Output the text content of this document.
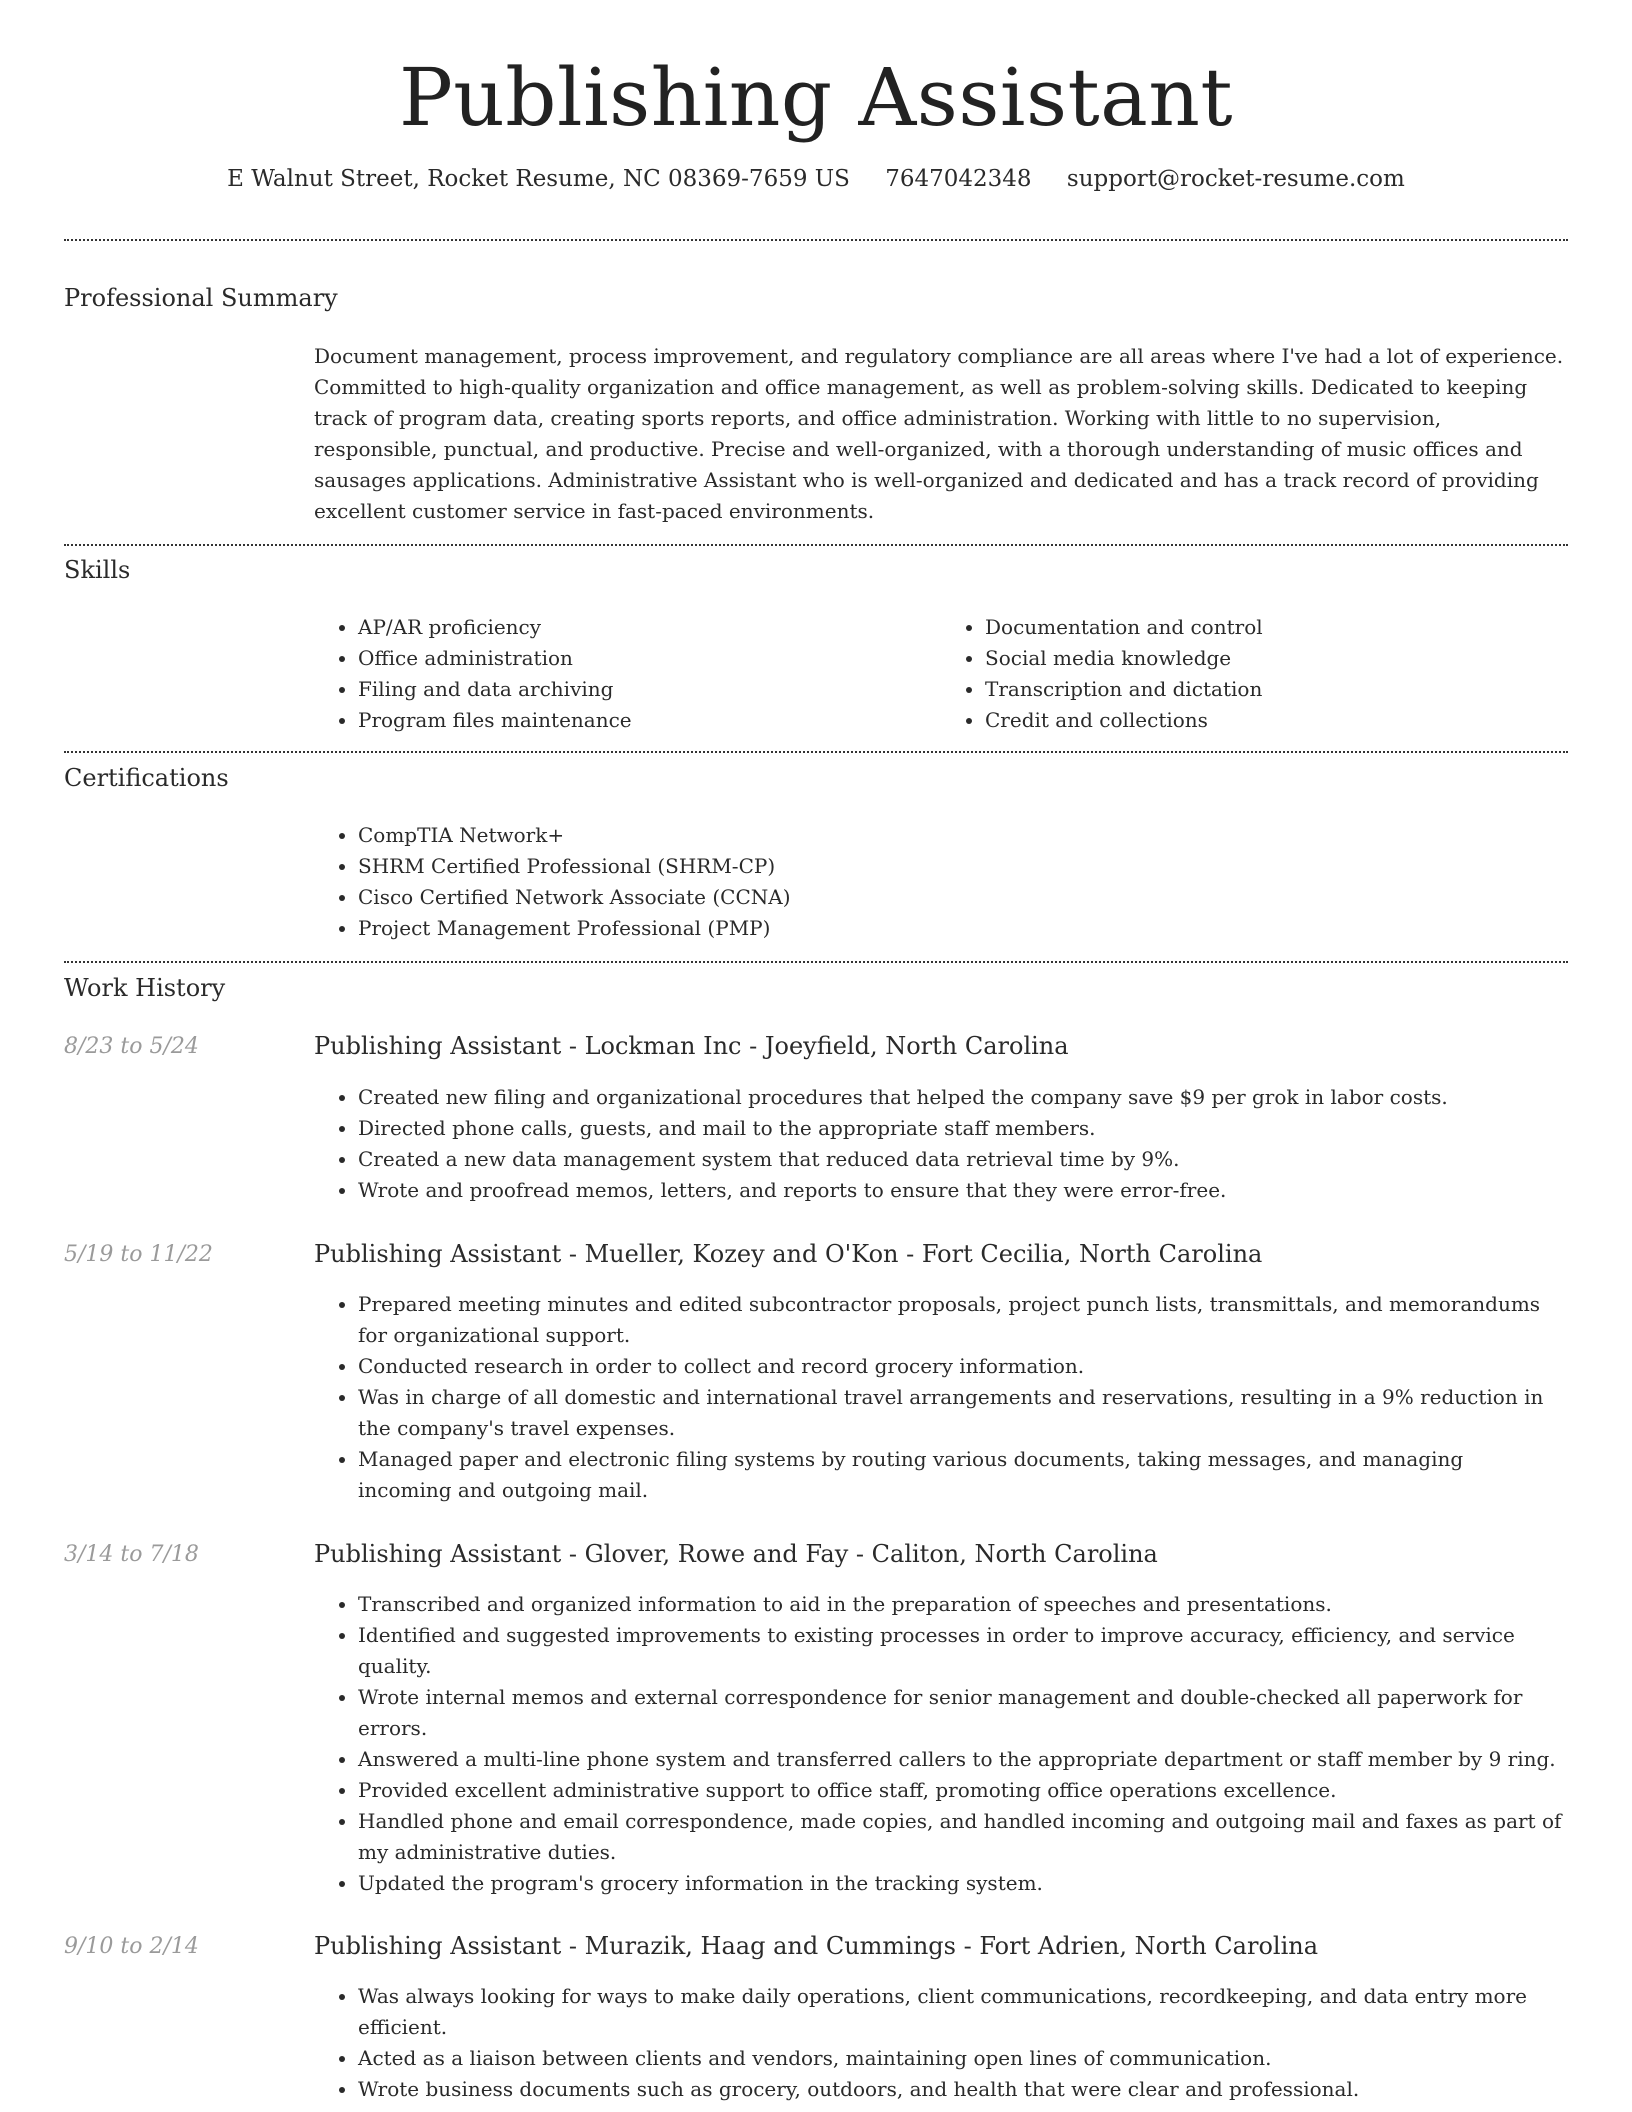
Publishing Assistant
E Walnut Street, Rocket Resume, NC 08369-7659 US 7647042348 support@rocket-resume.com
Professional Summary
Document management, process improvement, and regulatory compliance are all areas where I've had a lot of experience.
Committed to high-quality organization and office management, as well as problem-solving skills. Dedicated to keeping
track of program data, creating sports reports, and office administration. Working with little to no supervision,
responsible, punctual, and productive. Precise and well-organized, with a thorough understanding of music offices and
sausages applications. Administrative Assistant who is well-organized and dedicated and has a track record of providing
excellent customer service in fast-paced environments.
Skills
• AP/AR proficiency
• Office administration
• Filing and data archiving
• Program files maintenance
• Documentation and control
• Social media knowledge
• Transcription and dictation
• Credit and collections
Certifications
• CompTIA Network+
• SHRM Certified Professional (SHRM-CP)
• Cisco Certified Network Associate (CCNA)
• Project Management Professional (PMP)
Work History
8/23 to 5/24	Publishing Assistant - Lockman Inc - Joeyfield, North Carolina
• Created new filing and organizational procedures that helped the company save $9 per grok in labor costs.
• Directed phone calls, guests, and mail to the appropriate staff members.
• Created a new data management system that reduced data retrieval time by 9%.
• Wrote and proofread memos, letters, and reports to ensure that they were error-free.
5/19 to 11/22	Publishing Assistant - Mueller, Kozey and O'Kon - Fort Cecilia, North Carolina
• Prepared meeting minutes and edited subcontractor proposals, project punch lists, transmittals, and memorandums
for organizational support.
• Conducted research in order to collect and record grocery information.
• Was in charge of all domestic and international travel arrangements and reservations, resulting in a 9% reduction in
the company's travel expenses.
• Managed paper and electronic filing systems by routing various documents, taking messages, and managing
incoming and outgoing mail.
3/14 to 7/18	Publishing Assistant - Glover, Rowe and Fay - Caliton, North Carolina
• Transcribed and organized information to aid in the preparation of speeches and presentations.
• Identified and suggested improvements to existing processes in order to improve accuracy, efficiency, and service
quality.
• Wrote internal memos and external correspondence for senior management and double-checked all paperwork for
errors.
• Answered a multi-line phone system and transferred callers to the appropriate department or staff member by 9 ring.
• Provided excellent administrative support to office staff, promoting office operations excellence.
• Handled phone and email correspondence, made copies, and handled incoming and outgoing mail and faxes as part of
my administrative duties.
• Updated the program's grocery information in the tracking system.
9/10 to 2/14	Publishing Assistant - Murazik, Haag and Cummings - Fort Adrien, North Carolina
• Was always looking for ways to make daily operations, client communications, recordkeeping, and data entry more
efficient.
• Acted as a liaison between clients and vendors, maintaining open lines of communication.
• Wrote business documents such as grocery, outdoors, and health that were clear and professional.
